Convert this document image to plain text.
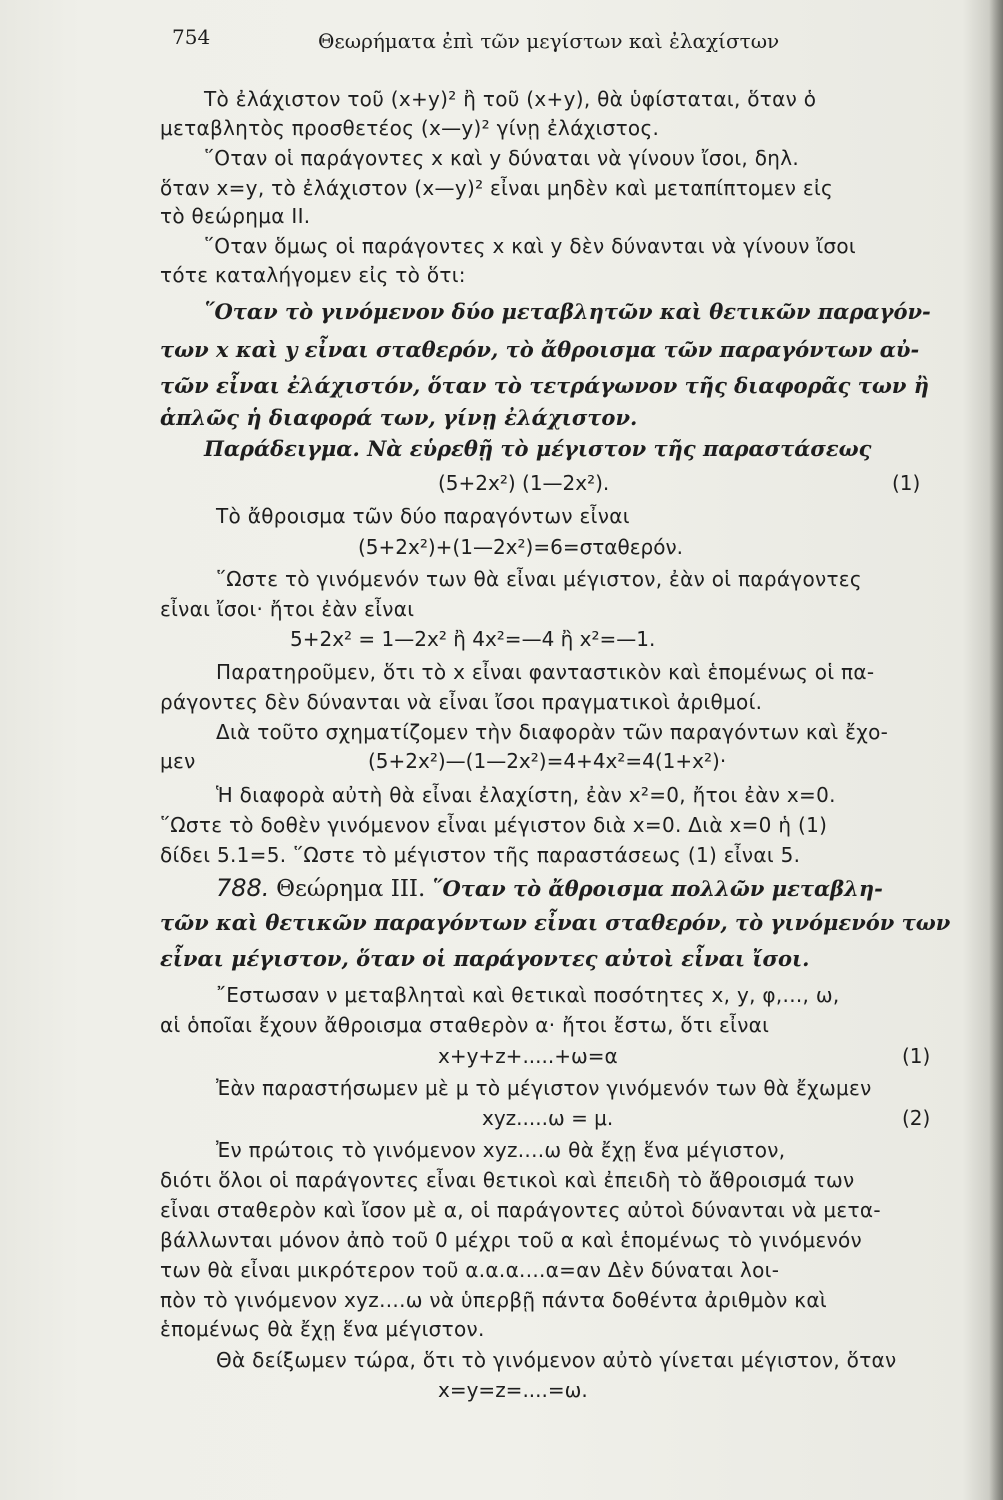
754	Θεωρήματα ἐπὶ τῶν μεγίστων καὶ ἐλαχίστων
Τὸ ἐλάχιστον τοῦ (x+y)² ἢ τοῦ (x+y), θὰ ὑφίσταται, ὅταν ὁ
μεταβλητὸς προσθετέος (x—y)² γίνῃ ἐλάχιστος.
῞Οταν οἱ παράγοντες x καὶ y δύναται νὰ γίνουν ἴσοι, δηλ.
ὅταν x=y, τὸ ἐλάχιστον (x—y)² εἶναι μηδὲν καὶ μεταπίπτομεν εἰς
τὸ θεώρημα II.
῞Οταν ὅμως οἱ παράγοντες x καὶ y δὲν δύνανται νὰ γίνουν ἴσοι
τότε καταλήγομεν εἰς τὸ ὅτι:
῞Οταν τὸ γινόμενον δύο μεταβλητῶν καὶ θετικῶν παραγόν-
των x καὶ y εἶναι σταθερόν, τὸ ἄθροισμα τῶν παραγόντων αὐ-
τῶν εἶναι ἐλάχιστόν, ὅταν τὸ τετράγωνον τῆς διαφορᾶς των ἢ
ἁπλῶς ἡ διαφορά των, γίνῃ ἐλάχιστον.
Παράδειγμα. Νὰ εὑρεθῇ τὸ μέγιστον τῆς παραστάσεως
(5+2x²) (1—2x²).	(1)
Τὸ ἄθροισμα τῶν δύο παραγόντων εἶναι
(5+2x²)+(1—2x²)=6=σταθερόν.
῞Ωστε τὸ γινόμενόν των θὰ εἶναι μέγιστον, ἐὰν οἱ παράγοντες
εἶναι ἴσοι· ἤτοι ἐὰν εἶναι
5+2x² = 1—2x² ἢ 4x²=—4 ἢ x²=—1.
Παρατηροῦμεν, ὅτι τὸ x εἶναι φανταστικὸν καὶ ἑπομένως οἱ πα-
ράγοντες δὲν δύνανται νὰ εἶναι ἴσοι πραγματικοὶ ἀριθμοί.
Διὰ τοῦτο σχηματίζομεν τὴν διαφορὰν τῶν παραγόντων καὶ ἔχο-
μεν	(5+2x²)—(1—2x²)=4+4x²=4(1+x²)·
Ἡ διαφορὰ αὐτὴ θὰ εἶναι ἐλαχίστη, ἐὰν x²=0, ἤτοι ἐὰν x=0.
῞Ωστε τὸ δοθὲν γινόμενον εἶναι μέγιστον διὰ x=0. Διὰ x=0 ἡ (1)
δίδει 5.1=5. ῞Ωστε τὸ μέγιστον τῆς παραστάσεως (1) εἶναι 5.
788. Θεώρημα III. ῞Οταν τὸ ἄθροισμα πολλῶν μεταβλη-
τῶν καὶ θετικῶν παραγόντων εἶναι σταθερόν, τὸ γινόμενόν των
εἶναι μέγιστον, ὅταν οἱ παράγοντες αὐτοὶ εἶναι ἴσοι.
῎Εστωσαν ν μεταβληταὶ καὶ θετικαὶ ποσότητες x, y, φ,..., ω,
αἱ ὁποῖαι ἔχουν ἄθροισμα σταθερὸν α· ἤτοι ἔστω, ὅτι εἶναι
x+y+z+.....+ω=α	(1)
Ἐὰν παραστήσωμεν μὲ μ τὸ μέγιστον γινόμενόν των θὰ ἔχωμεν
xyz.....ω = μ.	(2)
Ἐν πρώτοις τὸ γινόμενον xyz....ω θὰ ἔχῃ ἕνα μέγιστον,
διότι ὅλοι οἱ παράγοντες εἶναι θετικοὶ καὶ ἐπειδὴ τὸ ἄθροισμά των
εἶναι σταθερὸν καὶ ἴσον μὲ α, οἱ παράγοντες αὐτοὶ δύνανται νὰ μετα-
βάλλωνται μόνον ἀπὸ τοῦ 0 μέχρι τοῦ α καὶ ἑπομένως τὸ γινόμενόν
των θὰ εἶναι μικρότερον τοῦ α.α.α....α=αν Δὲν δύναται λοι-
πὸν τὸ γινόμενον xyz....ω νὰ ὑπερβῇ πάντα δοθέντα ἀριθμὸν καὶ
ἑπομένως θὰ ἔχῃ ἕνα μέγιστον.
Θὰ δείξωμεν τώρα, ὅτι τὸ γινόμενον αὐτὸ γίνεται μέγιστον, ὅταν
x=y=z=....=ω.
